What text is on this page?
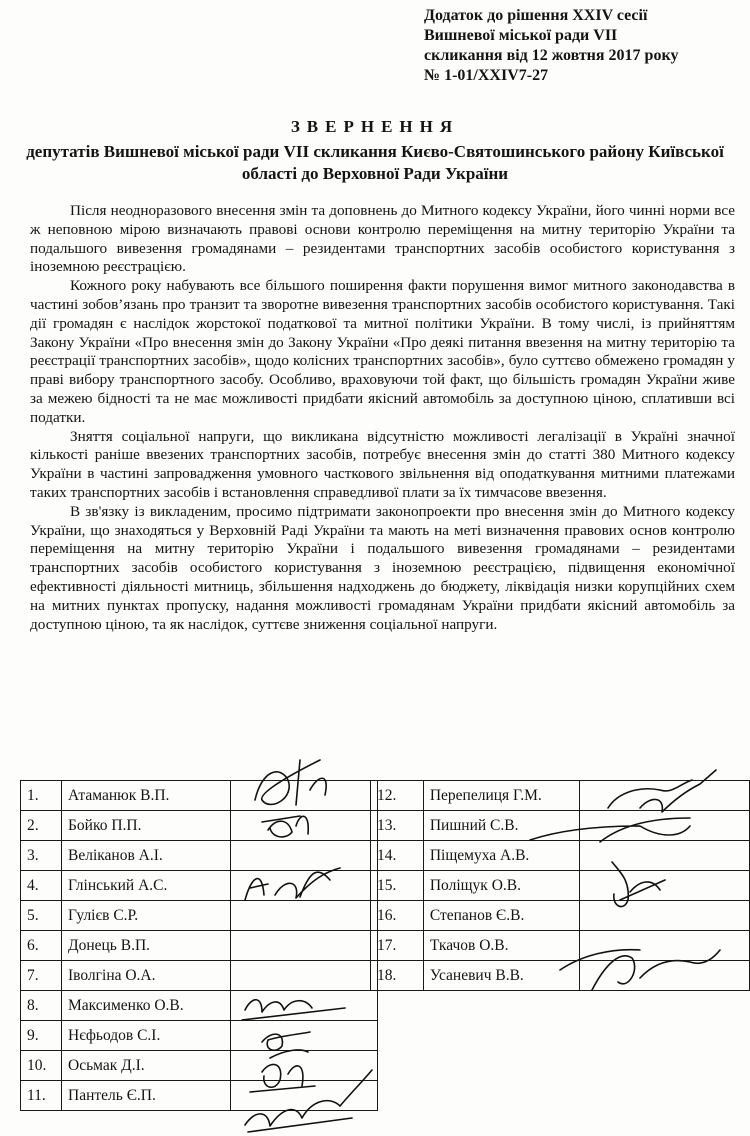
Додаток до рішення XXIV сесії
Вишневої міської ради VII
скликання від 12 жовтня 2017 року
№ 1-01/XXIV7-27
ЗВЕРНЕННЯ
депутатів Вишневої міської ради VII скликання Києво-Святошинського району Київської області до Верховної Ради України

Після неодноразового внесення змін та доповнень до Митного кодексу України, його чинні норми все ж неповною мірою визначають правові основи контролю переміщення на митну територію України та подальшого вивезення громадянами – резидентами транспортних засобів особистого користування з іноземною реєстрацією.

Кожного року набувають все більшого поширення факти порушення вимог митного законодавства в частині зобов’язань про транзит та зворотне вивезення транспортних засобів особистого користування. Такі дії громадян є наслідок жорстокої податкової та митної політики України. В тому числі, із прийняттям Закону України «Про внесення змін до Закону України «Про деякі питання ввезення на митну територію та реєстрації транспортних засобів», щодо колісних транспортних засобів», було суттєво обмежено громадян у праві вибору транспортного засобу. Особливо, враховуючи той факт, що більшість громадян України живе за межею бідності та не має можливості придбати якісний автомобіль за доступною ціною, сплативши всі податки.

Зняття соціальної напруги, що викликана відсутністю можливості легалізації в Україні значної кількості раніше ввезених транспортних засобів, потребує внесення змін до статті 380 Митного кодексу України в частині запровадження умовного часткового звільнення від оподаткування митними платежами таких транспортних засобів і встановлення справедливої плати за їх тимчасове ввезення.

В зв'язку із викладеним, просимо підтримати законопроекти про внесення змін до Митного кодексу України, що знаходяться у Верховній Раді України та мають на меті визначення правових основ контролю переміщення на митну територію України і подальшого вивезення громадянами – резидентами транспортних засобів особистого користування з іноземною реєстрацією, підвищення економічної ефективності діяльності митниць, збільшення надходжень до бюджету, ліквідація низки корупційних схем на митних пунктах пропуску, надання можливості громадянам України придбати якісний автомобіль за доступною ціною, та як наслідок, суттєве зниження соціальної напруги.

1.	Атаманюк В.П.	
2.	Бойко П.П.	
3.	Веліканов А.І.	
4.	Глінський А.С.	
5.	Гулієв С.Р.	
6.	Донець В.П.	
7.	Іволгіна О.А.	
8.	Максименко О.В.	
9.	Нєфьодов С.І.	
10.	Осьмак Д.І.	
11.	Пантель Є.П.	
12.	Перепелиця Г.М.	
13.	Пишний С.В.	
14.	Піщемуха А.В.	
15.	Поліщук О.В.	
16.	Степанов Є.В.	
17.	Ткачов О.В.	
18.	Усаневич В.В.	
